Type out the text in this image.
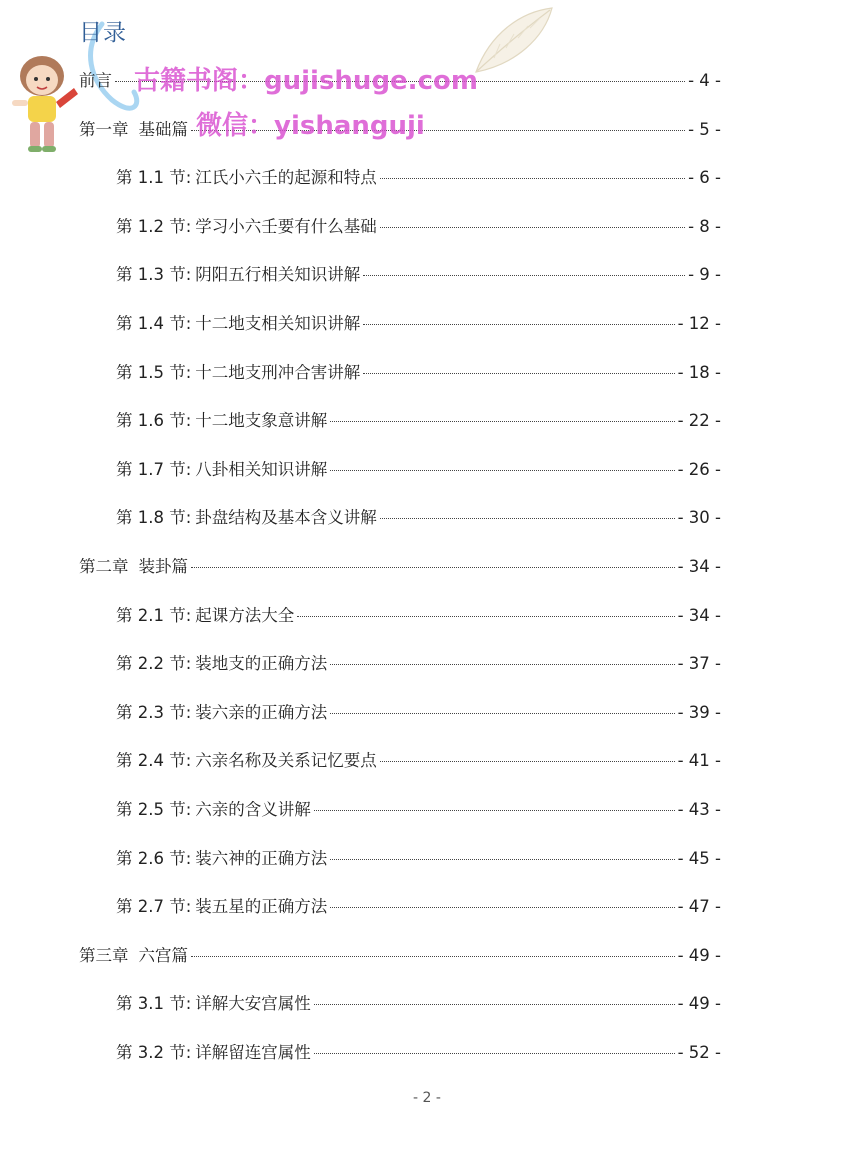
目录
前言	- 4 -
第一章 基础篇	- 5 -
第 1.1 节: 江氏小六壬的起源和特点	- 6 -
第 1.2 节: 学习小六壬要有什么基础	- 8 -
第 1.3 节: 阴阳五行相关知识讲解	- 9 -
第 1.4 节: 十二地支相关知识讲解	- 12 -
第 1.5 节: 十二地支刑冲合害讲解	- 18 -
第 1.6 节: 十二地支象意讲解	- 22 -
第 1.7 节: 八卦相关知识讲解	- 26 -
第 1.8 节: 卦盘结构及基本含义讲解	- 30 -
第二章 装卦篇	- 34 -
第 2.1 节: 起课方法大全	- 34 -
第 2.2 节: 装地支的正确方法	- 37 -
第 2.3 节: 装六亲的正确方法	- 39 -
第 2.4 节: 六亲名称及关系记忆要点	- 41 -
第 2.5 节: 六亲的含义讲解	- 43 -
第 2.6 节: 装六神的正确方法	- 45 -
第 2.7 节: 装五星的正确方法	- 47 -
第三章 六宫篇	- 49 -
第 3.1 节: 详解大安宫属性	- 49 -
第 3.2 节: 详解留连宫属性	- 52 -
古籍书阁：gujishuge.com
微信：yishanguji
- 2 -
